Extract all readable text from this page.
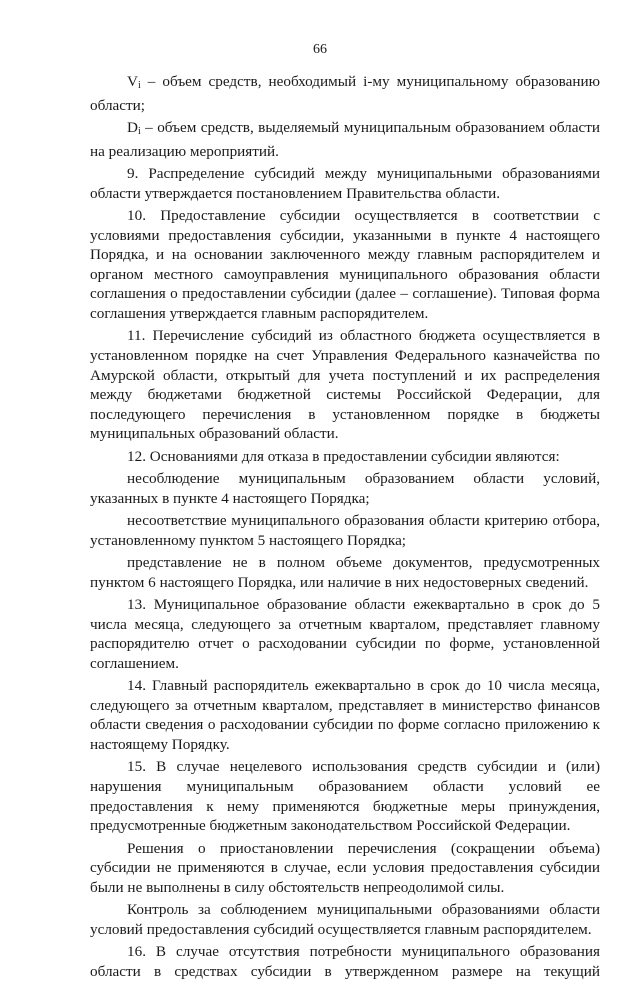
66

$V_i$ – объем средств, необходимый i-му муниципальному образованию области;

$D_i$ – объем средств, выделяемый муниципальным образованием области на реализацию мероприятий.

9. Распределение субсидий между муниципальными образованиями области утверждается постановлением Правительства области.

10. Предоставление субсидии осуществляется в соответствии с условиями предоставления субсидии, указанными в пункте 4 настоящего Порядка, и на основании заключенного между главным распорядителем и органом местного самоуправления муниципального образования области соглашения о предоставлении субсидии (далее – соглашение). Типовая форма соглашения утверждается главным распорядителем.

11. Перечисление субсидий из областного бюджета осуществляется в установленном порядке на счет Управления Федерального казначейства по Амурской области, открытый для учета поступлений и их распределения между бюджетами бюджетной системы Российской Федерации, для последующего перечисления в установленном порядке в бюджеты муниципальных образований области.

12. Основаниями для отказа в предоставлении субсидии являются:

несоблюдение муниципальным образованием области условий, указанных в пункте 4 настоящего Порядка;

несоответствие муниципального образования области критерию отбора, установленному пунктом 5 настоящего Порядка;

представление не в полном объеме документов, предусмотренных пунктом 6 настоящего Порядка, или наличие в них недостоверных сведений.

13. Муниципальное образование области ежеквартально в срок до 5 числа месяца, следующего за отчетным кварталом, представляет главному распорядителю отчет о расходовании субсидии по форме, установленной соглашением.

14. Главный распорядитель ежеквартально в срок до 10 числа месяца, следующего за отчетным кварталом, представляет в министерство финансов области сведения о расходовании субсидии по форме согласно приложению к настоящему Порядку.

15. В случае нецелевого использования средств субсидии и (или) нарушения муниципальным образованием области условий ее предоставления к нему применяются бюджетные меры принуждения, предусмотренные бюджетным законодательством Российской Федерации.

Решения о приостановлении перечисления (сокращении объема) субсидии не применяются в случае, если условия предоставления субсидии были не выполнены в силу обстоятельств непреодолимой силы.

Контроль за соблюдением муниципальными образованиями области условий предоставления субсидий осуществляется главным распорядителем.

16. В случае отсутствия потребности муниципального образования области в средствах субсидии в утвержденном размере на текущий
